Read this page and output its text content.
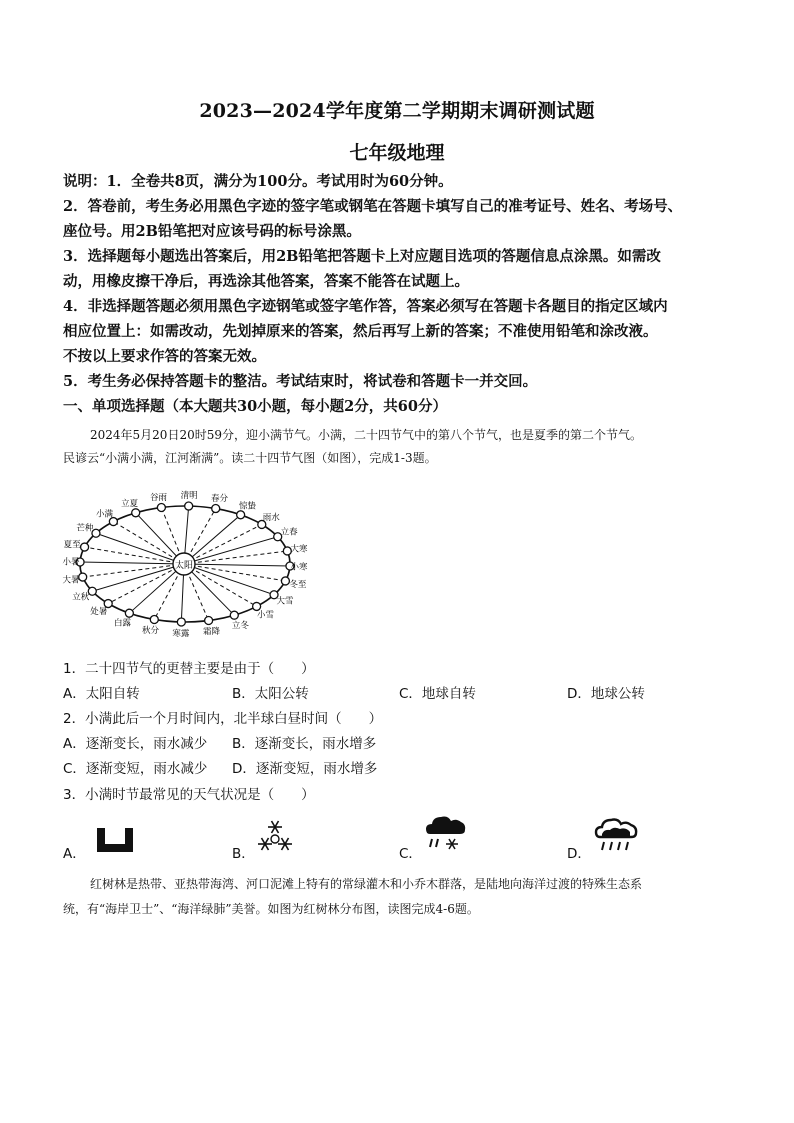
2023—2024学年度第二学期期末调研测试题
七年级地理
说明：1．全卷共8页，满分为100分。考试用时为60分钟。
2．答卷前，考生务必用黑色字迹的签字笔或钢笔在答题卡填写自己的准考证号、姓名、考场号、
座位号。用2B铅笔把对应该号码的标号涂黑。
3．选择题每小题选出答案后，用2B铅笔把答题卡上对应题目选项的答题信息点涂黑。如需改
动，用橡皮擦干净后，再选涂其他答案，答案不能答在试题上。
4．非选择题答题必须用黑色字迹钢笔或签字笔作答，答案必须写在答题卡各题目的指定区域内
相应位置上：如需改动，先划掉原来的答案，然后再写上新的答案；不准使用铅笔和涂改液。
不按以上要求作答的答案无效。
5．考生务必保持答题卡的整洁。考试结束时，将试卷和答题卡一并交回。
一、单项选择题（本大题共30小题，每小题2分，共60分）
2024年5月20日20时59分，迎小满节气。小满，二十四节气中的第八个节气，也是夏季的第二个节气。
民谚云“小满小满，江河渐满”。读二十四节气图（如图），完成1-3题。
太阳
立夏
谷雨 清明 春分
惊蛰
雨水
立春
大寒
小寒
冬至
大雪
小雪
立冬
霜降
寒露
秋分
白露
处暑
立秋
大暑
小暑
夏至
芒种
小满
1．二十四节气的更替主要是由于（　　）
A．太阳自转	B．太阳公转	C．地球自转	D．地球公转
2．小满此后一个月时间内，北半球白昼时间（　　）
A．逐渐变长，雨水减少 B．逐渐变长，雨水增多
C．逐渐变短，雨水减少 D．逐渐变短，雨水增多
3．小满时节最常见的天气状况是（　　）
A．	B．	C．	D．
红树林是热带、亚热带海湾、河口泥滩上特有的常绿灌木和小乔木群落，是陆地向海洋过渡的特殊生态系
统，有“海岸卫士”、“海洋绿肺”美誉。如图为红树林分布图，读图完成4-6题。
